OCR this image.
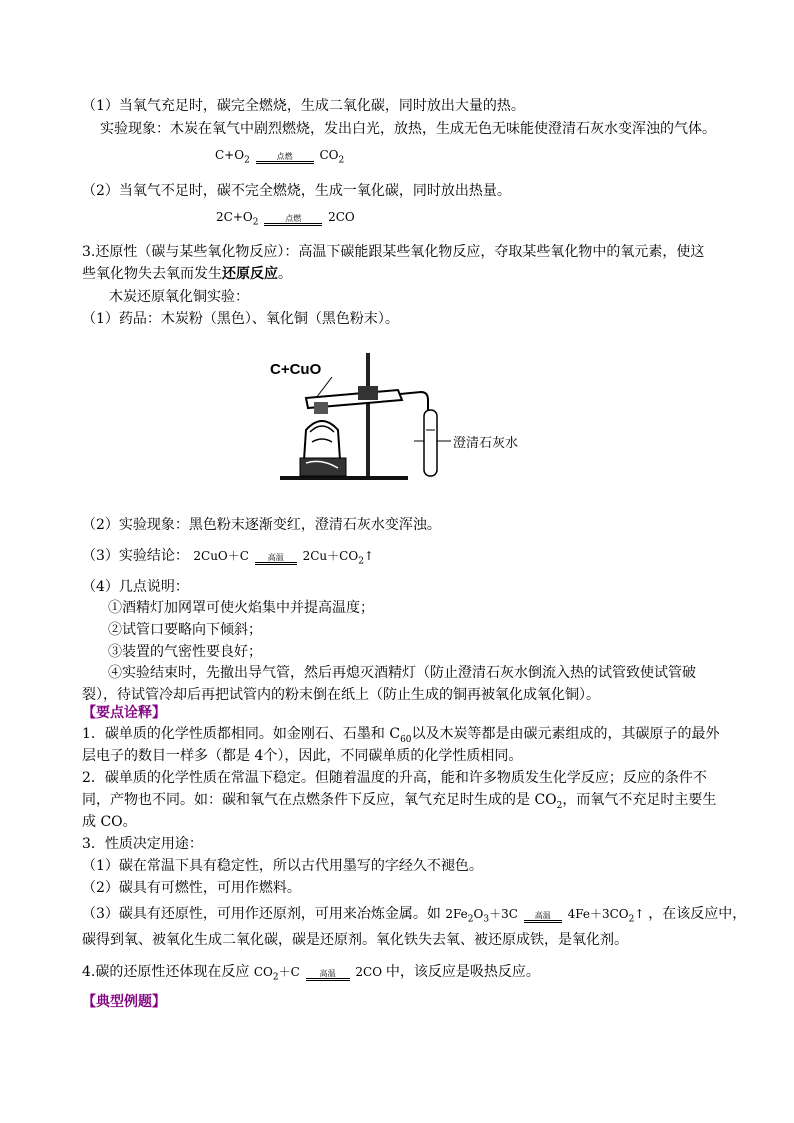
（1）当氧气充足时，碳完全燃烧，生成二氧化碳，同时放出大量的热。
实验现象：木炭在氧气中剧烈燃烧，发出白光，放热，生成无色无味能使澄清石灰水变浑浊的气体。
$C+O_2$	点燃	$CO_2$
（2）当氧气不足时，碳不完全燃烧，生成一氧化碳，同时放出热量。
$2C+O_2$	点燃	2CO
3.还原性（碳与某些氧化物反应）：高温下碳能跟某些氧化物反应，夺取某些氧化物中的氧元素，使这
些氧化物失去氧而发生还原反应。
木炭还原氧化铜实验：
（1）药品：木炭粉（黑色）、氧化铜（黑色粉末）。
C+CuO
澄清石灰水
（2）实验现象：黑色粉末逐渐变红，澄清石灰水变浑浊。
（3）实验结论： 2CuO＋C	高温	$2Cu+CO_2↑$
（4）几点说明：
①酒精灯加网罩可使火焰集中并提高温度；
②试管口要略向下倾斜；
③装置的气密性要良好；
④实验结束时，先撤出导气管，然后再熄灭酒精灯（防止澄清石灰水倒流入热的试管致使试管破
裂），待试管冷却后再把试管内的粉末倒在纸上（防止生成的铜再被氧化成氧化铜）。
【要点诠释】
1．碳单质的化学性质都相同。如金刚石、石墨和 $C_{60}$以及木炭等都是由碳元素组成的，其碳原子的最外
层电子的数目一样多（都是 4个），因此，不同碳单质的化学性质相同。
2．碳单质的化学性质在常温下稳定。但随着温度的升高，能和许多物质发生化学反应；反应的条件不
同，产物也不同。如：碳和氧气在点燃条件下反应，氧气充足时生成的是 $CO_2$，而氧气不充足时主要生
成 CO。
3．性质决定用途：
（1）碳在常温下具有稳定性，所以古代用墨写的字经久不褪色。
（2）碳具有可燃性，可用作燃料。
（3）碳具有还原性，可用作还原剂，可用来冶炼金属。如 $2Fe_2O_3+3C$	高温	$4Fe+3CO_2↑$ ，在该反应中，
碳得到氧、被氧化生成二氧化碳，碳是还原剂。氧化铁失去氧、被还原成铁，是氧化剂。
4.碳的还原性还体现在反应 $CO_2+C$	高温	2CO 中，该反应是吸热反应。
【典型例题】
